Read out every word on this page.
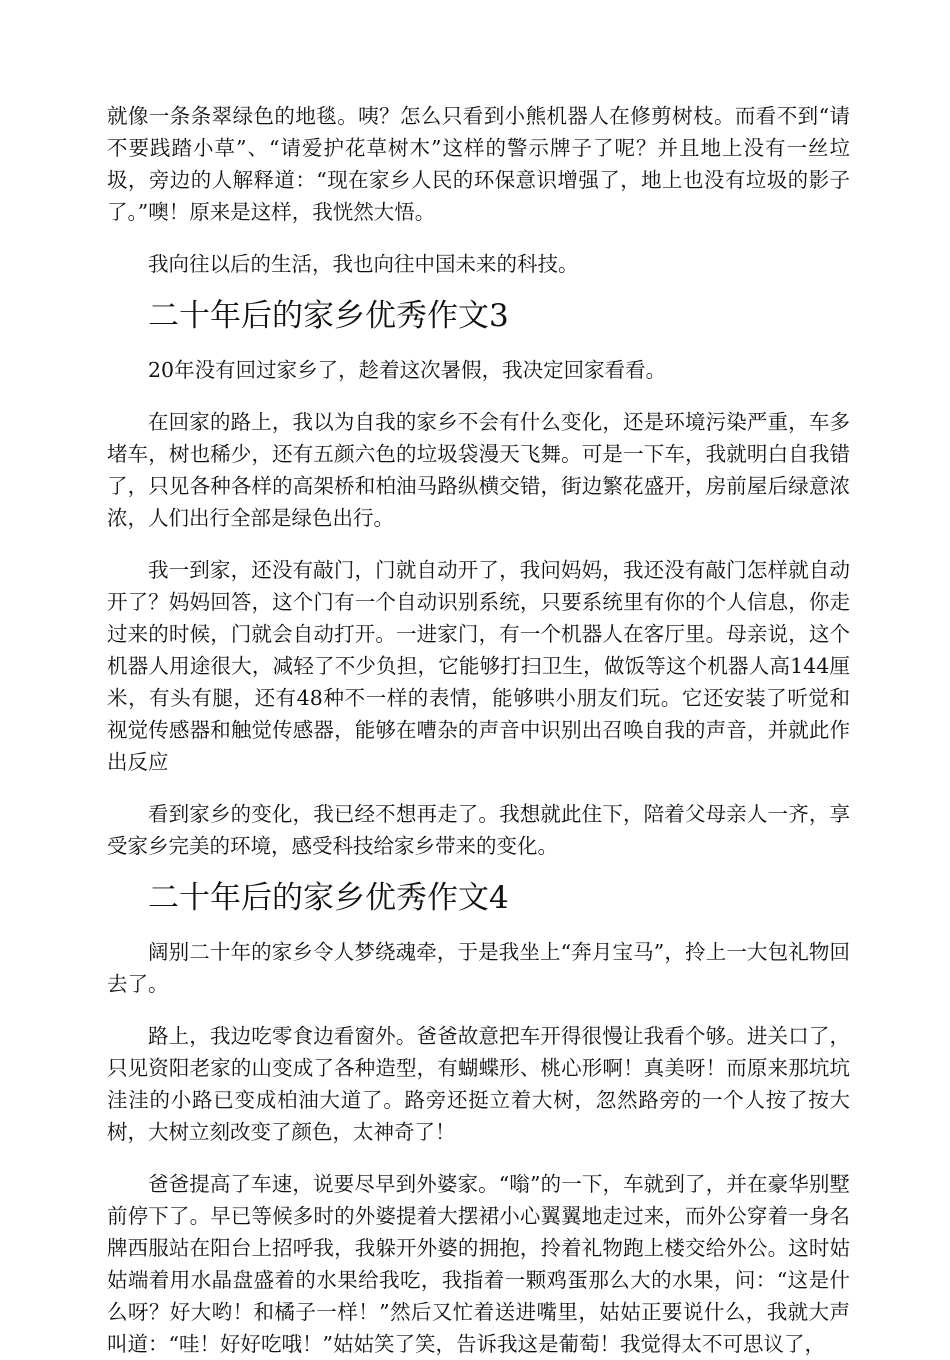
就像一条条翠绿色的地毯。咦？怎么只看到小熊机器人在修剪树枝。而看不到“请不要践踏小草”、“请爱护花草树木”这样的警示牌子了呢？并且地上没有一丝垃圾，旁边的人解释道：“现在家乡人民的环保意识增强了，地上也没有垃圾的影子了。”噢！原来是这样，我恍然大悟。

我向往以后的生活，我也向往中国未来的科技。

二十年后的家乡优秀作文3

20年没有回过家乡了，趁着这次暑假，我决定回家看看。

在回家的路上，我以为自我的家乡不会有什么变化，还是环境污染严重，车多堵车，树也稀少，还有五颜六色的垃圾袋漫天飞舞。可是一下车，我就明白自我错了，只见各种各样的高架桥和柏油马路纵横交错，街边繁花盛开，房前屋后绿意浓浓，人们出行全部是绿色出行。

我一到家，还没有敲门，门就自动开了，我问妈妈，我还没有敲门怎样就自动开了？妈妈回答，这个门有一个自动识别系统，只要系统里有你的个人信息，你走过来的时候，门就会自动打开。一进家门，有一个机器人在客厅里。母亲说，这个机器人用途很大，减轻了不少负担，它能够打扫卫生，做饭等这个机器人高144厘米，有头有腿，还有48种不一样的表情，能够哄小朋友们玩。它还安装了听觉和视觉传感器和触觉传感器，能够在嘈杂的声音中识别出召唤自我的声音，并就此作出反应

看到家乡的变化，我已经不想再走了。我想就此住下，陪着父母亲人一齐，享受家乡完美的环境，感受科技给家乡带来的变化。

二十年后的家乡优秀作文4

阔别二十年的家乡令人梦绕魂牵，于是我坐上“奔月宝马”，拎上一大包礼物回去了。

路上，我边吃零食边看窗外。爸爸故意把车开得很慢让我看个够。进关口了，只见资阳老家的山变成了各种造型，有蝴蝶形、桃心形啊！真美呀！而原来那坑坑洼洼的小路已变成柏油大道了。路旁还挺立着大树，忽然路旁的一个人按了按大树，大树立刻改变了颜色，太神奇了！

爸爸提高了车速，说要尽早到外婆家。“嗡”的一下，车就到了，并在豪华别墅前停下了。早已等候多时的外婆提着大摆裙小心翼翼地走过来，而外公穿着一身名牌西服站在阳台上招呼我，我躲开外婆的拥抱，拎着礼物跑上楼交给外公。这时姑姑端着用水晶盘盛着的水果给我吃，我指着一颗鸡蛋那么大的水果，问：“这是什么呀？好大哟！和橘子一样！”然后又忙着送进嘴里，姑姑正要说什么，我就大声叫道：“哇！好好吃哦！”姑姑笑了笑，告诉我这是葡萄！我觉得太不可思议了，
